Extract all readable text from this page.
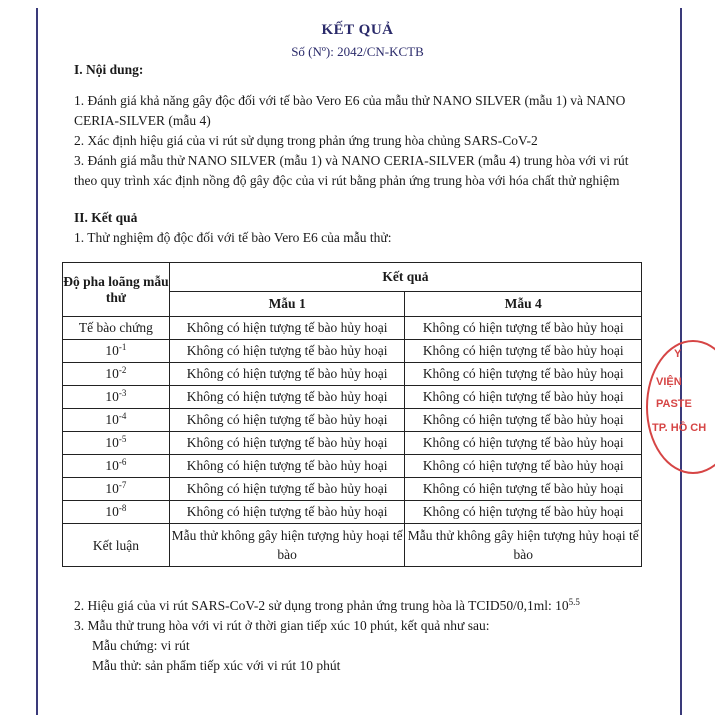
KẾT QUẢ
Số (Nº): 2042/CN-KCTB
I. Nội dung:
1. Đánh giá khả năng gây độc đối với tế bào Vero E6 của mẫu thử NANO SILVER (mẫu 1) và NANO CERIA-SILVER (mẫu 4)
2. Xác định hiệu giá của vi rút sử dụng trong phản ứng trung hòa chủng SARS-CoV-2
3. Đánh giá mẫu thử NANO SILVER (mẫu 1) và NANO CERIA-SILVER (mẫu 4) trung hòa với vi rút theo quy trình xác định nồng độ gây độc của vi rút bằng phản ứng trung hòa với hóa chất thử nghiệm
II. Kết quả
1. Thử nghiệm độ độc đối với tế bào Vero E6 của mẫu thử:
Độ pha loãng mẫu thử	Kết quả	
	Mẫu 1	Mẫu 4
Tế bào chứng	Không có hiện tượng tế bào hủy hoại	Không có hiện tượng tế bào hủy hoại
$10^{-1}$	Không có hiện tượng tế bào hủy hoại	Không có hiện tượng tế bào hủy hoại
$10^{-2}$	Không có hiện tượng tế bào hủy hoại	Không có hiện tượng tế bào hủy hoại
$10^{-3}$	Không có hiện tượng tế bào hủy hoại	Không có hiện tượng tế bào hủy hoại
$10^{-4}$	Không có hiện tượng tế bào hủy hoại	Không có hiện tượng tế bào hủy hoại
$10^{-5}$	Không có hiện tượng tế bào hủy hoại	Không có hiện tượng tế bào hủy hoại
$10^{-6}$	Không có hiện tượng tế bào hủy hoại	Không có hiện tượng tế bào hủy hoại
$10^{-7}$	Không có hiện tượng tế bào hủy hoại	Không có hiện tượng tế bào hủy hoại
$10^{-8}$	Không có hiện tượng tế bào hủy hoại	Không có hiện tượng tế bào hủy hoại
Kết luận	Mẫu thử không gây hiện tượng hủy hoại tế bào	Mẫu thử không gây hiện tượng hủy hoại tế bào
2. Hiệu giá của vi rút SARS-CoV-2 sử dụng trong phản ứng trung hòa là TCID50/0,1ml: $10^{5.5}$
3. Mẫu thử trung hòa với vi rút ở thời gian tiếp xúc 10 phút, kết quả như sau:
Mẫu chứng: vi rút
Mẫu thử: sản phẩm tiếp xúc với vi rút 10 phút
Y
VIỆN
PASTE
TP. HỒ CH
